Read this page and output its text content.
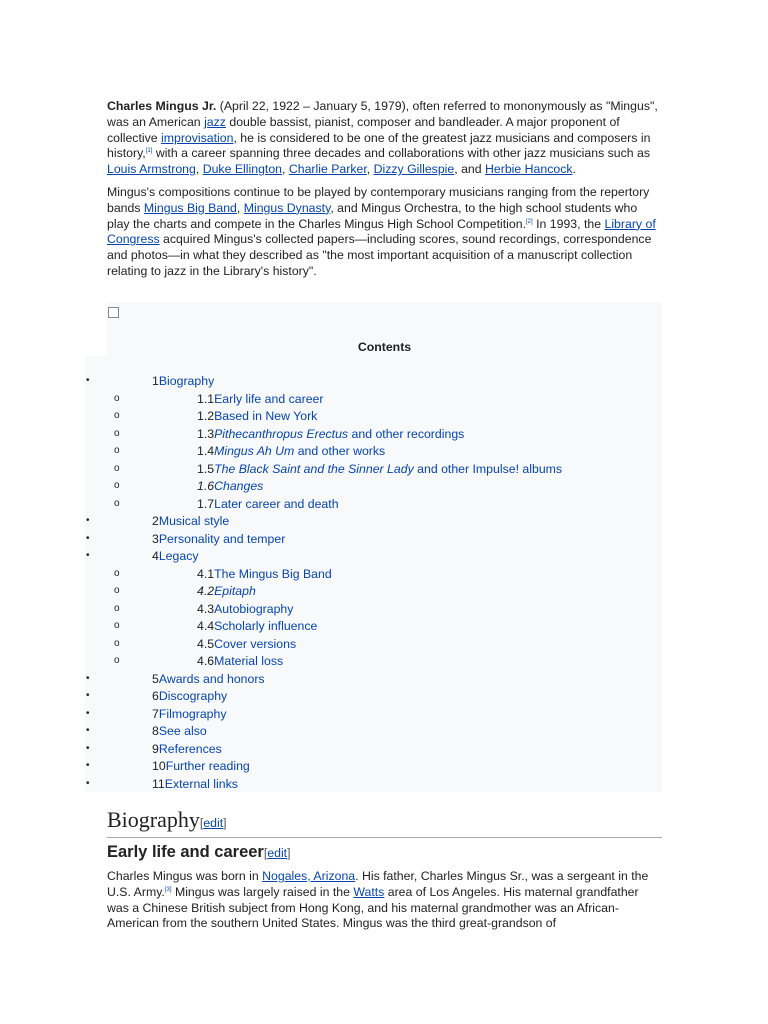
Charles Mingus Jr. (April 22, 1922 – January 5, 1979), often referred to mononymously as "Mingus", was an American jazz double bassist, pianist, composer and bandleader. A major proponent of collective improvisation, he is considered to be one of the greatest jazz musicians and composers in history,[1] with a career spanning three decades and collaborations with other jazz musicians such as Louis Armstrong, Duke Ellington, Charlie Parker, Dizzy Gillespie, and Herbie Hancock.

Mingus's compositions continue to be played by contemporary musicians ranging from the repertory bands Mingus Big Band, Mingus Dynasty, and Mingus Orchestra, to the high school students who play the charts and compete in the Charles Mingus High School Competition.[2] In 1993, the Library of Congress acquired Mingus's collected papers—including scores, sound recordings, correspondence and photos—in what they described as "the most important acquisition of a manuscript collection relating to jazz in the Library's history".

Contents
•	1Biography
o	1.1Early life and career
o	1.2Based in New York
o	1.3Pithecanthropus Erectus and other recordings
o	1.4Mingus Ah Um and other works
o	1.5The Black Saint and the Sinner Lady and other Impulse! albums
o	1.6Changes
o	1.7Later career and death
•	2Musical style
•	3Personality and temper
•	4Legacy
o	4.1The Mingus Big Band
o	4.2Epitaph
o	4.3Autobiography
o	4.4Scholarly influence
o	4.5Cover versions
o	4.6Material loss
•	5Awards and honors
•	6Discography
•	7Filmography
•	8See also
•	9References
•	10Further reading
•	11External links
Biography[edit]
Early life and career[edit]

Charles Mingus was born in Nogales, Arizona. His father, Charles Mingus Sr., was a sergeant in the U.S. Army.[3] Mingus was largely raised in the Watts area of Los Angeles. His maternal grandfather was a Chinese British subject from Hong Kong, and his maternal grandmother was an African-American from the southern United States. Mingus was the third great-grandson of
